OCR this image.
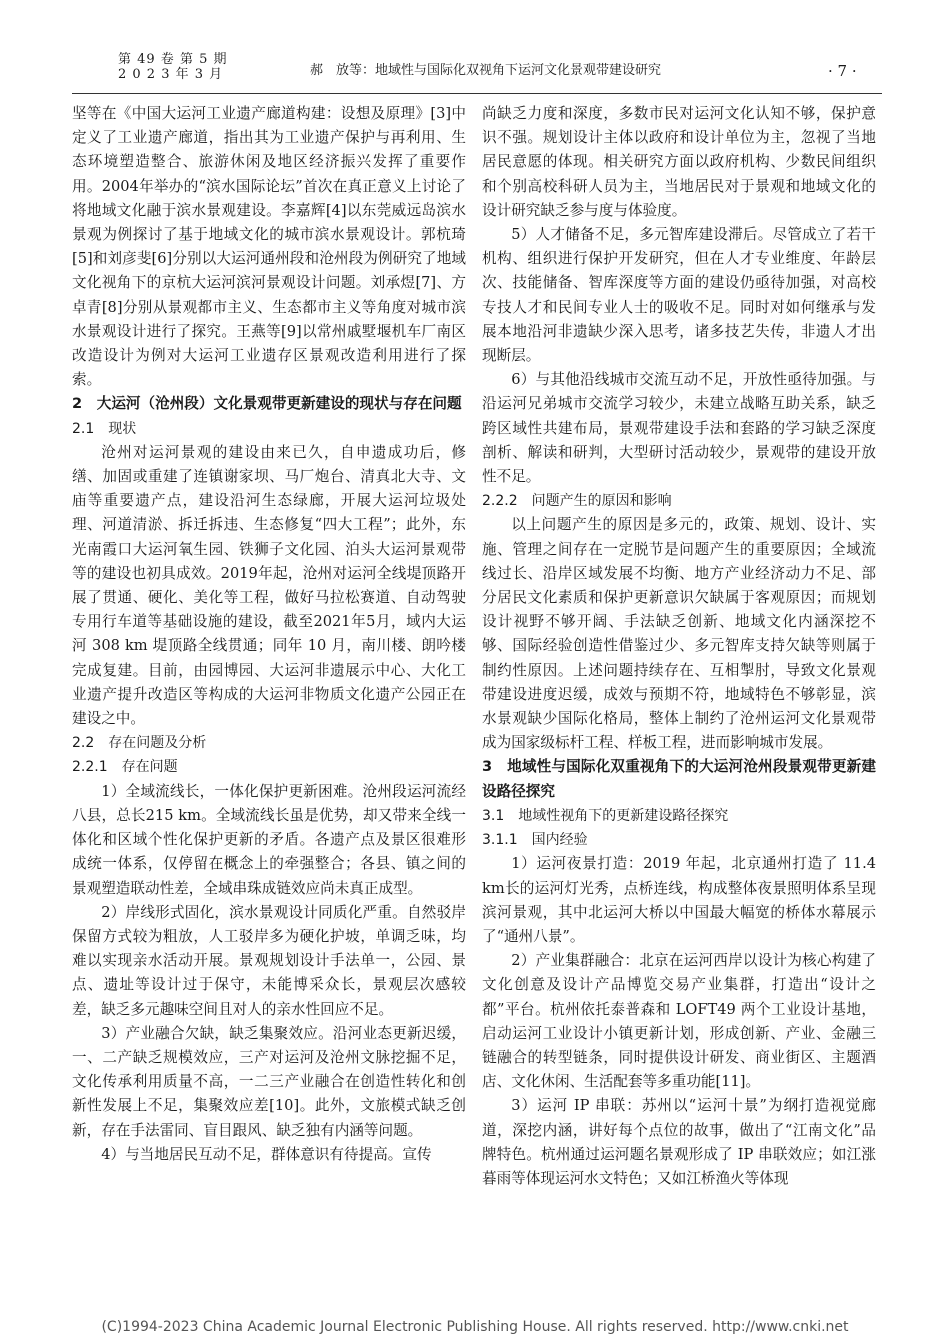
第 49 卷 第 5 期
2 0 2 3 年 3 月	郝　放等：地域性与国际化双视角下运河文化景观带建设研究	· 7 ·

坚等在《中国大运河工业遗产廊道构建：设想及原理》[3]中定义了工业遗产廊道，指出其为工业遗产保护与再利用、生态环境塑造整合、旅游休闲及地区经济振兴发挥了重要作用。2004年举办的“滨水国际论坛”首次在真正意义上讨论了将地域文化融于滨水景观建设。李嘉辉[4]以东莞威远岛滨水景观为例探讨了基于地域文化的城市滨水景观设计。郭杭琦[5]和刘彦斐[6]分别以大运河通州段和沧州段为例研究了地域文化视角下的京杭大运河滨河景观设计问题。刘承煜[7]、方卓青[8]分别从景观都市主义、生态都市主义等角度对城市滨水景观设计进行了探究。王燕等[9]以常州戚墅堰机车厂南区改造设计为例对大运河工业遗存区景观改造利用进行了探索。

2　大运河（沧州段）文化景观带更新建设的现状与存在问题

2.1　现状

沧州对运河景观的建设由来已久，自申遗成功后，修缮、加固或重建了连镇谢家坝、马厂炮台、清真北大寺、文庙等重要遗产点，建设沿河生态绿廊，开展大运河垃圾处理、河道清淤、拆迁拆违、生态修复“四大工程”；此外，东光南霞口大运河氧生园、铁狮子文化园、泊头大运河景观带等的建设也初具成效。2019年起，沧州对运河全线堤顶路开展了贯通、硬化、美化等工程，做好马拉松赛道、自动驾驶专用行车道等基础设施的建设，截至2021年5月，域内大运河 308 km 堤顶路全线贯通；同年 10 月，南川楼、朗吟楼完成复建。目前，由园博园、大运河非遗展示中心、大化工业遗产提升改造区等构成的大运河非物质文化遗产公园正在建设之中。

2.2　存在问题及分析

2.2.1　存在问题

1）全域流线长，一体化保护更新困难。沧州段运河流经八县，总长215 km。全域流线长虽是优势，却又带来全线一体化和区域个性化保护更新的矛盾。各遗产点及景区很难形成统一体系，仅停留在概念上的牵强整合；各县、镇之间的景观塑造联动性差，全域串珠成链效应尚未真正成型。

2）岸线形式固化，滨水景观设计同质化严重。自然驳岸保留方式较为粗放，人工驳岸多为硬化护坡，单调乏味，均难以实现亲水活动开展。景观规划设计手法单一，公园、景点、遗址等设计过于保守，未能博采众长，景观层次感较差，缺乏多元趣味空间且对人的亲水性回应不足。

3）产业融合欠缺，缺乏集聚效应。沿河业态更新迟缓，一、二产缺乏规模效应，三产对运河及沧州文脉挖掘不足，文化传承利用质量不高，一二三产业融合在创造性转化和创新性发展上不足，集聚效应差[10]。此外，文旅模式缺乏创新，存在手法雷同、盲目跟风、缺乏独有内涵等问题。

4）与当地居民互动不足，群体意识有待提高。宣传

尚缺乏力度和深度，多数市民对运河文化认知不够，保护意识不强。规划设计主体以政府和设计单位为主，忽视了当地居民意愿的体现。相关研究方面以政府机构、少数民间组织和个别高校科研人员为主，当地居民对于景观和地域文化的设计研究缺乏参与度与体验度。

5）人才储备不足，多元智库建设滞后。尽管成立了若干机构、组织进行保护开发研究，但在人才专业维度、年龄层次、技能储备、智库深度等方面的建设仍亟待加强，对高校专技人才和民间专业人士的吸收不足。同时对如何继承与发展本地沿河非遗缺少深入思考，诸多技艺失传，非遗人才出现断层。

6）与其他沿线城市交流互动不足，开放性亟待加强。与沿运河兄弟城市交流学习较少，未建立战略互助关系，缺乏跨区域性共建布局，景观带建设手法和套路的学习缺乏深度剖析、解读和研判，大型研讨活动较少，景观带的建设开放性不足。

2.2.2　问题产生的原因和影响

以上问题产生的原因是多元的，政策、规划、设计、实施、管理之间存在一定脱节是问题产生的重要原因；全域流线过长、沿岸区域发展不均衡、地方产业经济动力不足、部分居民文化素质和保护更新意识欠缺属于客观原因；而规划设计视野不够开阔、手法缺乏创新、地域文化内涵深挖不够、国际经验创造性借鉴过少、多元智库支持欠缺等则属于制约性原因。上述问题持续存在、互相掣肘，导致文化景观带建设进度迟缓，成效与预期不符，地域特色不够彰显，滨水景观缺少国际化格局，整体上制约了沧州运河文化景观带成为国家级标杆工程、样板工程，进而影响城市发展。

3　地域性与国际化双重视角下的大运河沧州段景观带更新建设路径探究

3.1　地域性视角下的更新建设路径探究

3.1.1　国内经验

1）运河夜景打造：2019 年起，北京通州打造了 11.4 km长的运河灯光秀，点桥连线，构成整体夜景照明体系呈现滨河景观，其中北运河大桥以中国最大幅宽的桥体水幕展示了“通州八景”。

2）产业集群融合：北京在运河西岸以设计为核心构建了文化创意及设计产品博览交易产业集群，打造出“设计之都”平台。杭州依托泰普森和 LOFT49 两个工业设计基地，启动运河工业设计小镇更新计划，形成创新、产业、金融三链融合的转型链条，同时提供设计研发、商业街区、主题酒店、文化休闲、生活配套等多重功能[11]。

3）运河 IP 串联：苏州以“运河十景”为纲打造视觉廊道，深挖内涵，讲好每个点位的故事，做出了“江南文化”品牌特色。杭州通过运河题名景观形成了 IP 串联效应；如江涨暮雨等体现运河水文特色；又如江桥渔火等体现

(C)1994-2023 China Academic Journal Electronic Publishing House. All rights reserved. http://www.cnki.net
